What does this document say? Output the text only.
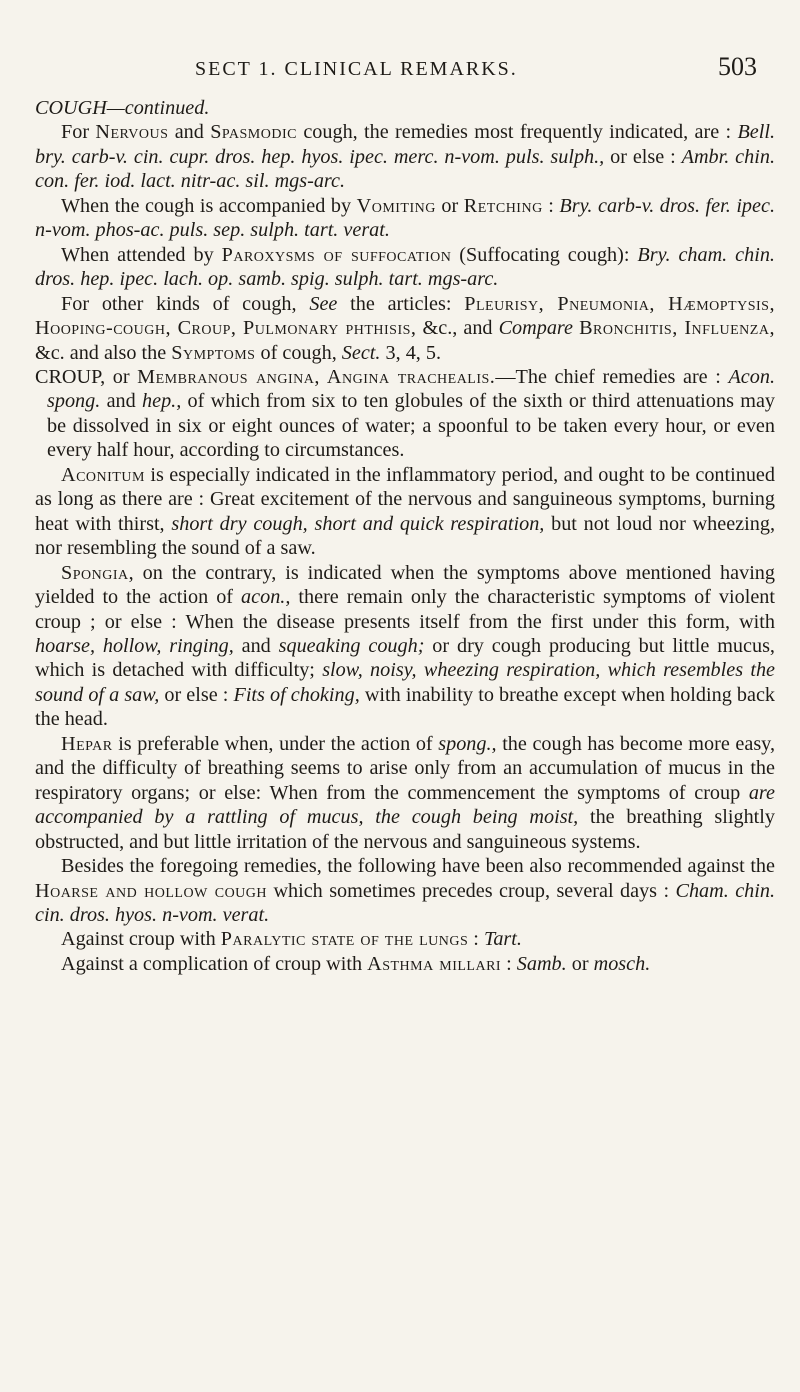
SECT 1. CLINICAL REMARKS.	503

COUGH—continued.

For Nervous and Spasmodic cough, the remedies most frequently indicated, are : Bell. bry. carb-v. cin. cupr. dros. hep. hyos. ipec. merc. n-vom. puls. sulph., or else : Ambr. chin. con. fer. iod. lact. nitr-ac. sil. mgs-arc.

When the cough is accompanied by Vomiting or Retching : Bry. carb-v. dros. fer. ipec. n-vom. phos-ac. puls. sep. sulph. tart. verat.

When attended by Paroxysms of suffocation (Suffocating cough): Bry. cham. chin. dros. hep. ipec. lach. op. samb. spig. sulph. tart. mgs-arc.

For other kinds of cough, See the articles: Pleurisy, Pneumonia, Hæmoptysis, Hooping-cough, Croup, Pulmonary phthisis, &c., and Compare Bronchitis, Influenza, &c. and also the Symptoms of cough, Sect. 3, 4, 5.

CROUP, or Membranous angina, Angina trachealis.—The chief remedies are : Acon. spong. and hep., of which from six to ten globules of the sixth or third attenuations may be dissolved in six or eight ounces of water; a spoonful to be taken every hour, or even every half hour, according to circumstances.

Aconitum is especially indicated in the inflammatory period, and ought to be continued as long as there are : Great excitement of the nervous and sanguineous symptoms, burning heat with thirst, short dry cough, short and quick respiration, but not loud nor wheezing, nor resembling the sound of a saw.

Spongia, on the contrary, is indicated when the symptoms above mentioned having yielded to the action of acon., there remain only the characteristic symptoms of violent croup ; or else : When the disease presents itself from the first under this form, with hoarse, hollow, ringing, and squeaking cough; or dry cough producing but little mucus, which is detached with difficulty; slow, noisy, wheezing respiration, which resembles the sound of a saw, or else : Fits of choking, with inability to breathe except when holding back the head.

Hepar is preferable when, under the action of spong., the cough has become more easy, and the difficulty of breathing seems to arise only from an accumulation of mucus in the respiratory organs; or else: When from the commencement the symptoms of croup are accompanied by a rattling of mucus, the cough being moist, the breathing slightly obstructed, and but little irritation of the nervous and sanguineous systems.

Besides the foregoing remedies, the following have been also recommended against the Hoarse and hollow cough which sometimes precedes croup, several days : Cham. chin. cin. dros. hyos. n-vom. verat.

Against croup with Paralytic state of the lungs : Tart.

Against a complication of croup with Asthma millari : Samb. or mosch.
